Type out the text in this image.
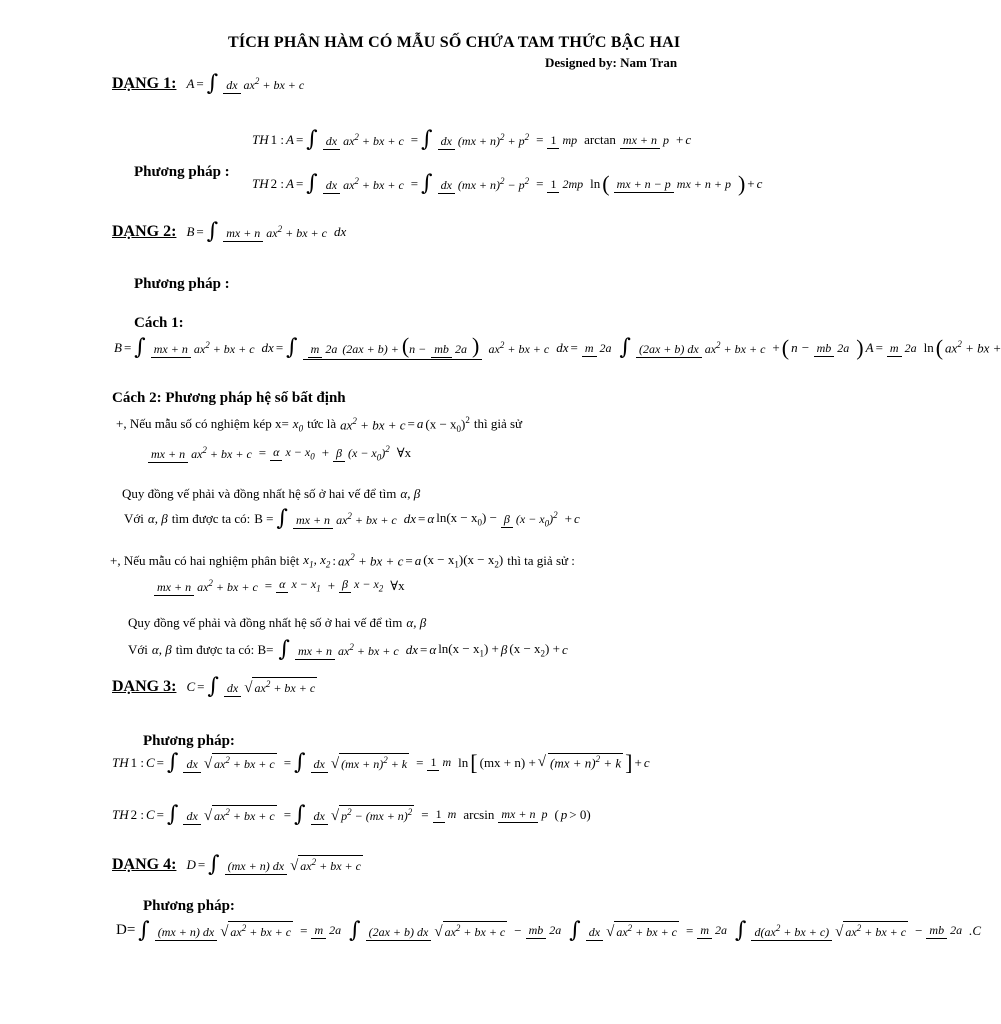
TÍCH PHÂN HÀM CÓ MẪU SỐ CHỨA TAM THỨC BẬC HAI
Designed by: Nam Tran
DẠNG 1: A = ∫ dx $ax^2$ + bx + c
Phương pháp :
TH 1 : A = ∫ dx $ax^2$ + bx + c = ∫ dx $(mx + n)^2 + p^2 = 1$ mp arctan mx + n p + c
TH 2 : A = ∫ dx $ax^2$ + bx + c = ∫ dx $(mx + n)^2 - p^2 = 1$ 2mp ln ( mx + n − p mx + n + p ) + c
DẠNG 2: B = ∫ mx + n $ax^2$ + bx + c dx
Phương pháp :
Cách 1:
B = ∫ mx + n $ax^2$ + bx + c dx = ∫	m 2a (2ax + b) + (n − mb 2a ) $ax^2$ + bx + c dx = m 2a ∫ (2ax + b) dx $ax^2$ + bx + c + ( n − mb 2a ) A = m 2a ln ( $ax^2$ + bx +
Cách 2: Phương pháp hệ số bất định
+, Nếu mẫu số có nghiệm kép $x= x_0$ tức là $ax^2$ + bx + c = a $(x - x_0)^2$ thì giả sử
mx + n $ax^2$ + bx + c = α $x - x_0 + \beta$ $(x - x_0)^2$ ∀x
Quy đồng vế phải và đồng nhất hệ số ở hai vế để tìm α, β
Với α, β tìm được ta có: B = ∫ mx + n $ax^2$ + bx + c dx = α $\ln(x - x_0) - \beta$ $(x - x_0)^2 + c$
+, Nếu mẫu có hai nghiệm phân biệt $x_1$, $x_2$ : $ax^2$ + bx + c = a $(x - x_1)(x - x_2)$ thì ta giả sử :
mx + n $ax^2$ + bx + c = α $x - x_1 + \beta$ $x - x_2$ ∀x
Quy đồng vế phải và đồng nhất hệ số ở hai vế để tìm α, β
Với α, β tìm được ta có: B= ∫ mx + n $ax^2$ + bx + c dx = α $\ln(x - x_1) + \beta$ $(x - x_2) + c$
DẠNG 3: C = ∫ dx √ $ax^2$ + bx + c
Phương pháp:
TH 1 : C = ∫ dx √ $ax^2$ + bx + c = ∫ dx √ (mx + n)$^2$ + k = 1 m ln [ (mx + n) + √ (mx + n)$^2$ + k ] + c
TH 2 : C = ∫ dx √ $ax^2$ + bx + c = ∫ dx √ $p^2 - (mx + n)^2 = 1$ m arcsin mx + n p ( p > 0)
DẠNG 4: D = ∫ (mx + n) dx √ $ax^2$ + bx + c
Phương pháp:
D= ∫ (mx + n) dx √ $ax^2$ + bx + c = m 2a ∫ (2ax + b) dx √ $ax^2$ + bx + c − mb 2a ∫ dx √ $ax^2$ + bx + c = m 2a ∫ $d(ax^2$ + bx + c) √ $ax^2$ + bx + c − mb 2a .C
